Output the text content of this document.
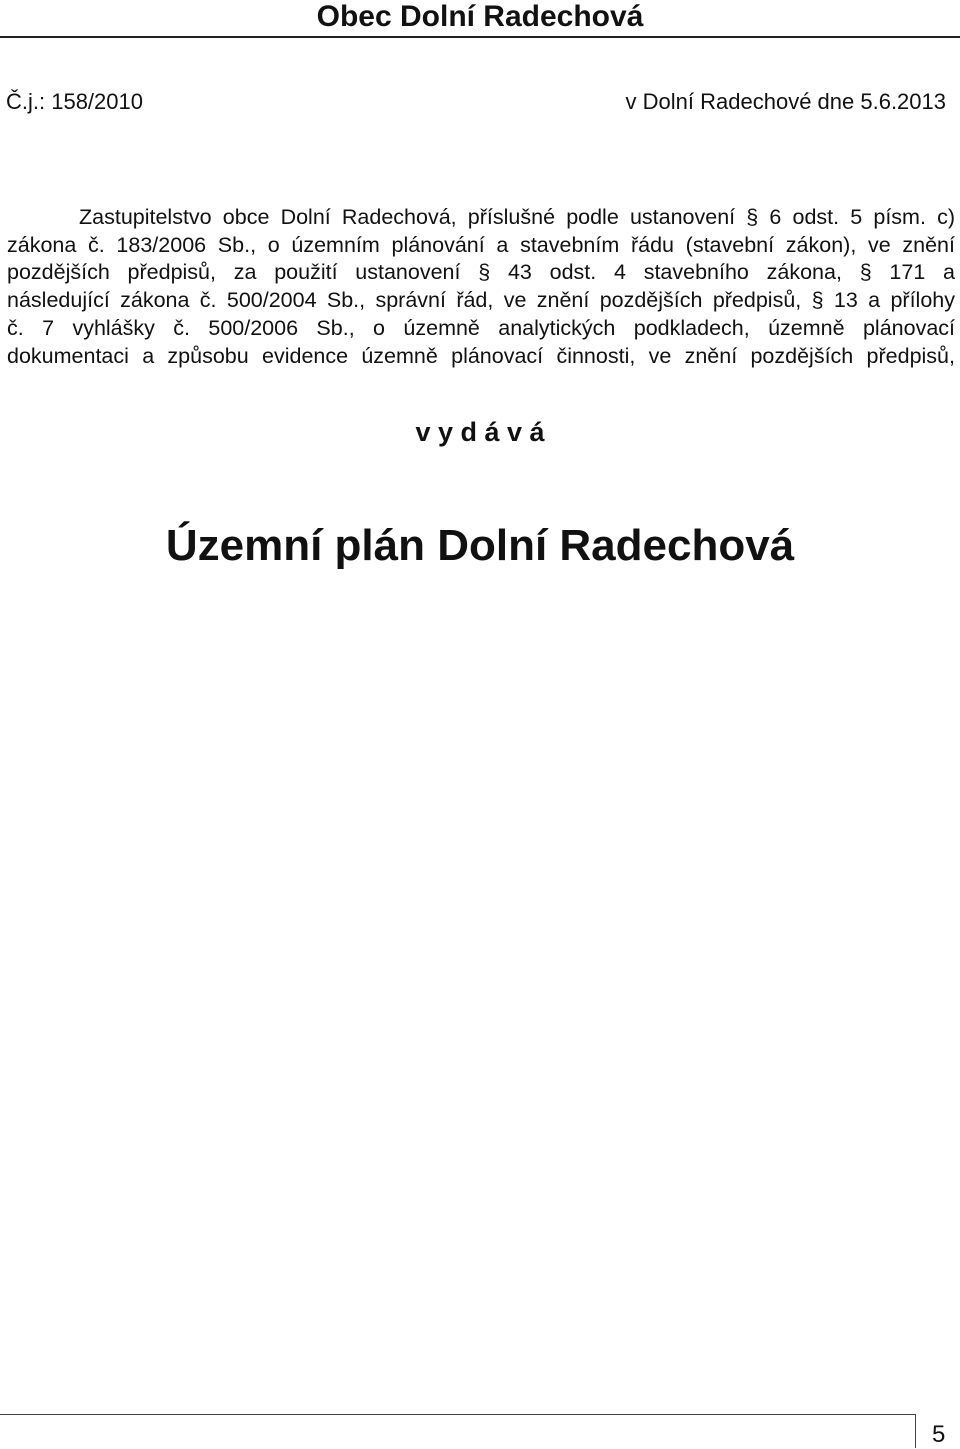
Obec Dolní Radechová
Č.j.: 158/2010	v Dolní Radechové dne 5.6.2013
Zastupitelstvo obce Dolní Radechová, příslušné podle ustanovení § 6 odst. 5 písm. c)
zákona č. 183/2006 Sb., o územním plánování a stavebním řádu (stavební zákon), ve znění
pozdějších předpisů, za použití ustanovení § 43 odst. 4 stavebního zákona, § 171 a
následující zákona č. 500/2004 Sb., správní řád, ve znění pozdějších předpisů, § 13 a přílohy
č. 7 vyhlášky č. 500/2006 Sb., o územně analytických podkladech, územně plánovací
dokumentaci a způsobu evidence územně plánovací činnosti, ve znění pozdějších předpisů,
v y d á v á
Územní plán Dolní Radechová
5
